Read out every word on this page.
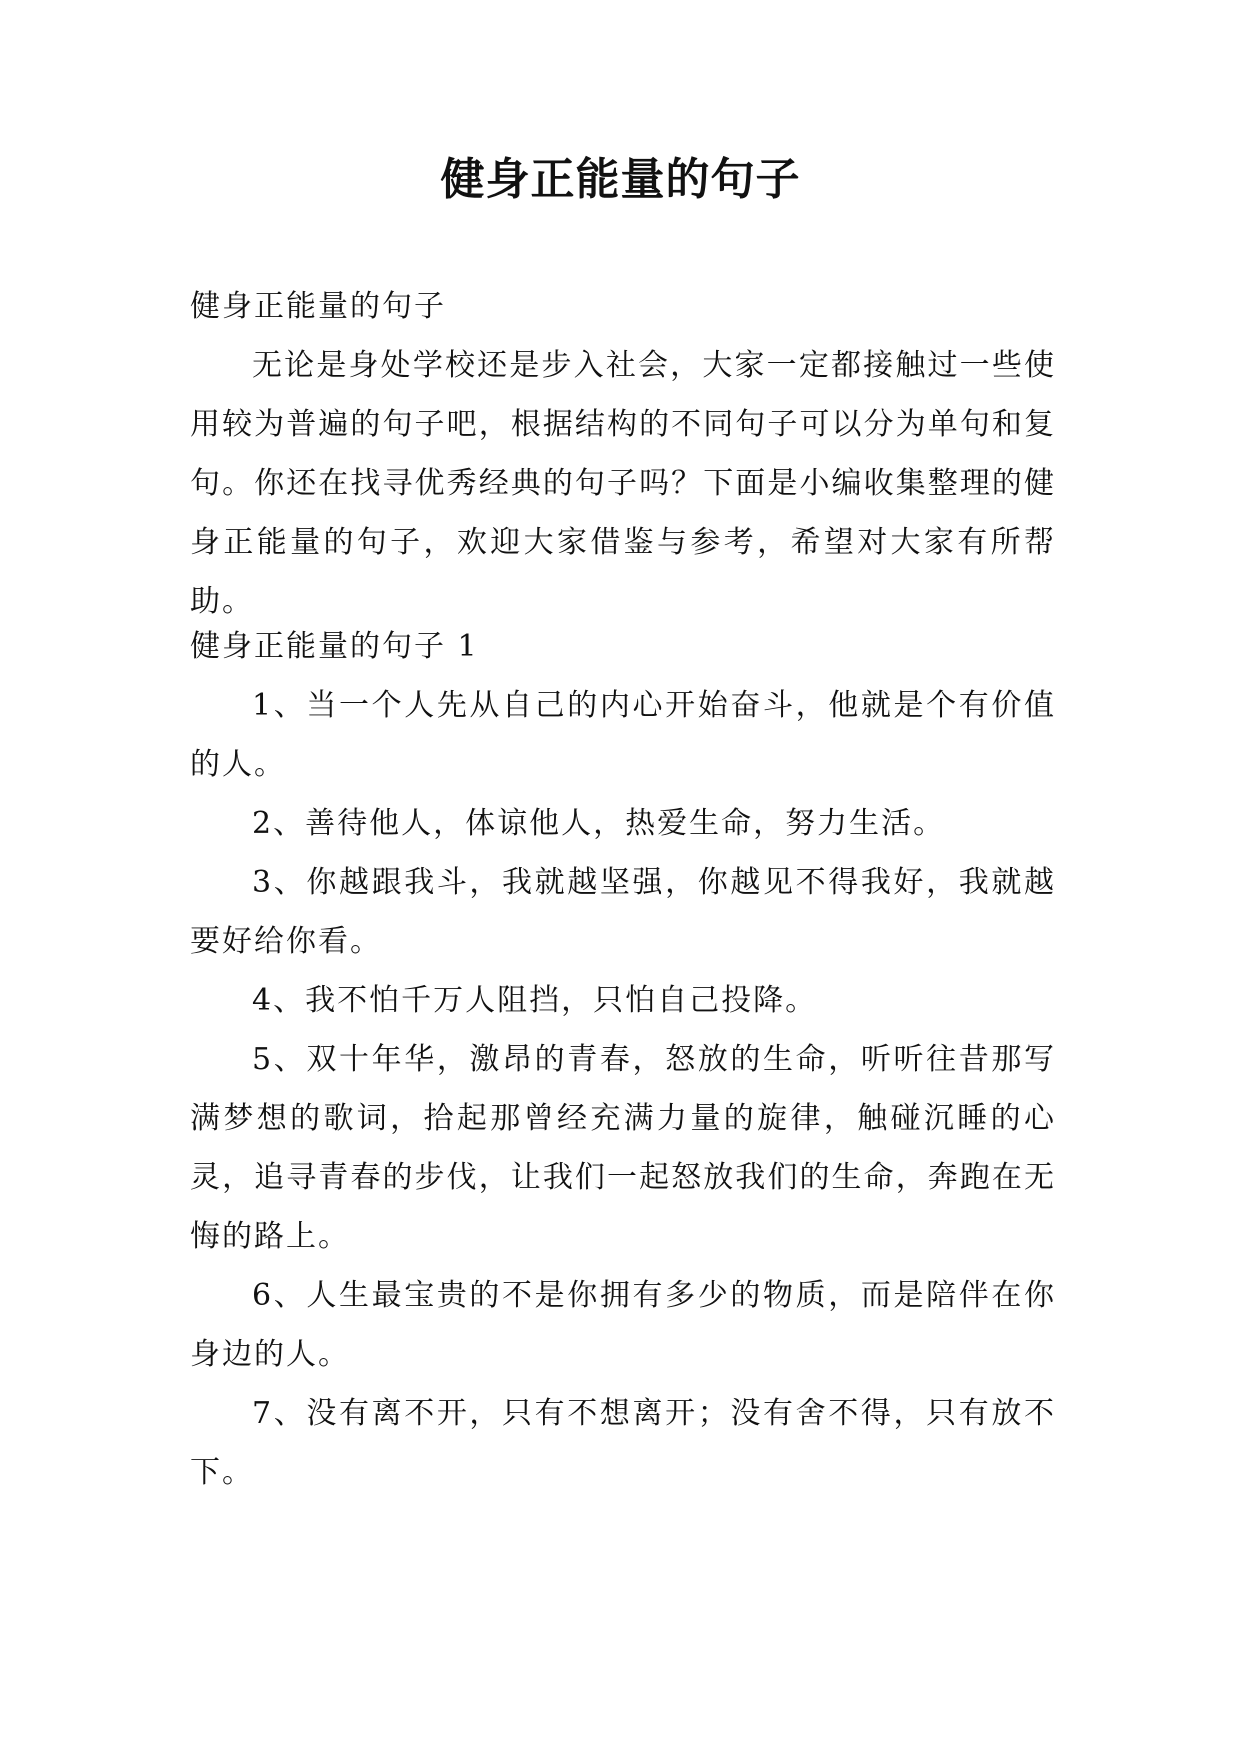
健身正能量的句子

健身正能量的句子

无论是身处学校还是步入社会，大家一定都接触过一些使用较为普遍的句子吧，根据结构的不同句子可以分为单句和复句。你还在找寻优秀经典的句子吗？下面是小编收集整理的健身正能量的句子，欢迎大家借鉴与参考，希望对大家有所帮助。

健身正能量的句子 1

1、当一个人先从自己的内心开始奋斗，他就是个有价值的人。

2、善待他人，体谅他人，热爱生命，努力生活。

3、你越跟我斗，我就越坚强，你越见不得我好，我就越要好给你看。

4、我不怕千万人阻挡，只怕自己投降。

5、双十年华，激昂的青春，怒放的生命，听听往昔那写满梦想的歌词，拾起那曾经充满力量的旋律，触碰沉睡的心灵，追寻青春的步伐，让我们一起怒放我们的生命，奔跑在无悔的路上。

6、人生最宝贵的不是你拥有多少的物质，而是陪伴在你身边的人。

7、没有离不开，只有不想离开；没有舍不得，只有放不下。
